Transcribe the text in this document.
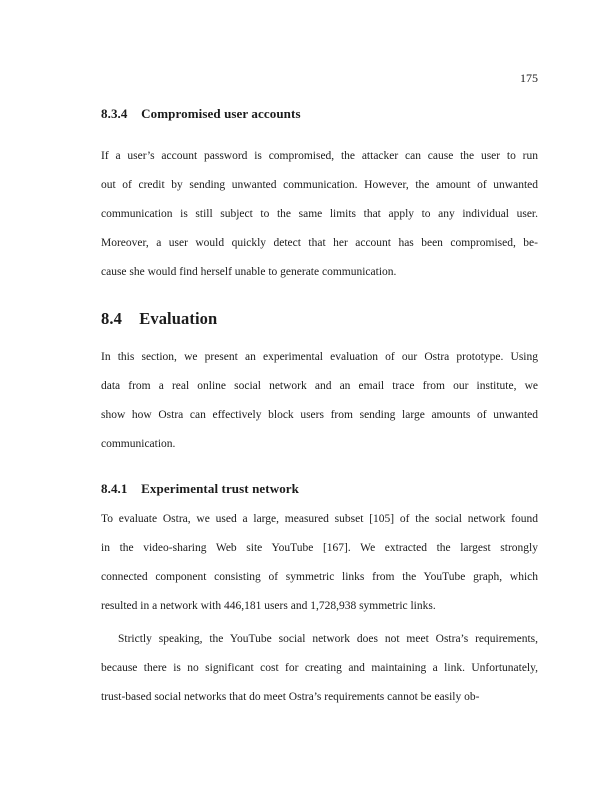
175
8.3.4 Compromised user accounts
If a user’s account password is compromised, the attacker can cause the user to run
out of credit by sending unwanted communication. However, the amount of unwanted
communication is still subject to the same limits that apply to any individual user.
Moreover, a user would quickly detect that her account has been compromised, be-
cause she would find herself unable to generate communication.
8.4 Evaluation
In this section, we present an experimental evaluation of our Ostra prototype. Using
data from a real online social network and an email trace from our institute, we
show how Ostra can effectively block users from sending large amounts of unwanted
communication.
8.4.1 Experimental trust network
To evaluate Ostra, we used a large, measured subset [105] of the social network found
in the video-sharing Web site YouTube [167]. We extracted the largest strongly
connected component consisting of symmetric links from the YouTube graph, which
resulted in a network with 446,181 users and 1,728,938 symmetric links.
Strictly speaking, the YouTube social network does not meet Ostra’s requirements,
because there is no significant cost for creating and maintaining a link. Unfortunately,
trust-based social networks that do meet Ostra’s requirements cannot be easily ob-
